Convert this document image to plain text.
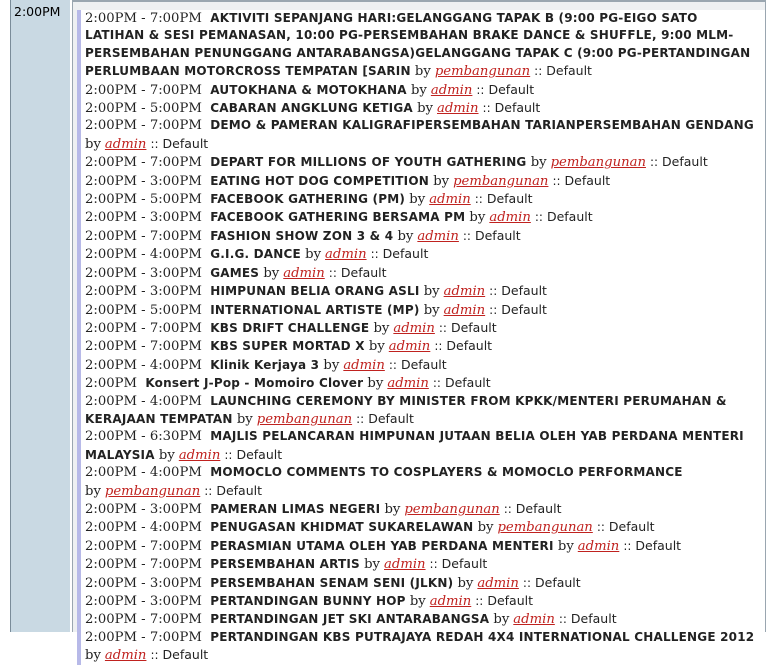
2:00PM 2:00PM - 7:00PM AKTIVITI SEPANJANG HARI:GELANGGANG TAPAK B (9:00 PG-EIGO SATO LATIHAN & SESI PEMANASAN, 10:00 PG-PERSEMBAHAN BRAKE DANCE & SHUFFLE, 9:00 MLM-PERSEMBAHAN PENUNGGANG ANTARABANGSA)GELANGGANG TAPAK C (9:00 PG-PERTANDINGAN PERLUMBAAN MOTORCROSS TEMPATAN [SARIN by pembangunan :: Default
2:00PM - 7:00PM AUTOKHANA & MOTOKHANA by admin :: Default
2:00PM - 5:00PM CABARAN ANGKLUNG KETIGA by admin :: Default
2:00PM - 7:00PM DEMO & PAMERAN KALIGRAFIPERSEMBAHAN TARIANPERSEMBAHAN GENDANG by admin :: Default
2:00PM - 7:00PM DEPART FOR MILLIONS OF YOUTH GATHERING by pembangunan :: Default
2:00PM - 3:00PM EATING HOT DOG COMPETITION by pembangunan :: Default
2:00PM - 5:00PM FACEBOOK GATHERING (PM) by admin :: Default
2:00PM - 3:00PM FACEBOOK GATHERING BERSAMA PM by admin :: Default
2:00PM - 7:00PM FASHION SHOW ZON 3 & 4 by admin :: Default
2:00PM - 4:00PM G.I.G. DANCE by admin :: Default
2:00PM - 3:00PM GAMES by admin :: Default
2:00PM - 3:00PM HIMPUNAN BELIA ORANG ASLI by admin :: Default
2:00PM - 5:00PM INTERNATIONAL ARTISTE (MP) by admin :: Default
2:00PM - 7:00PM KBS DRIFT CHALLENGE by admin :: Default
2:00PM - 7:00PM KBS SUPER MORTAD X by admin :: Default
2:00PM - 4:00PM Klinik Kerjaya 3 by admin :: Default
2:00PM Konsert J-Pop - Momoiro Clover by admin :: Default
2:00PM - 4:00PM LAUNCHING CEREMONY BY MINISTER FROM KPKK/MENTERI PERUMAHAN & KERAJAAN TEMPATAN by pembangunan :: Default
2:00PM - 6:30PM MAJLIS PELANCARAN HIMPUNAN JUTAAN BELIA OLEH YAB PERDANA MENTERI MALAYSIA by admin :: Default
2:00PM - 4:00PM MOMOCLO COMMENTS TO COSPLAYERS & MOMOCLO PERFORMANCE by pembangunan :: Default
2:00PM - 3:00PM PAMERAN LIMAS NEGERI by pembangunan :: Default
2:00PM - 4:00PM PENUGASAN KHIDMAT SUKARELAWAN by pembangunan :: Default
2:00PM - 7:00PM PERASMIAN UTAMA OLEH YAB PERDANA MENTERI by admin :: Default
2:00PM - 7:00PM PERSEMBAHAN ARTIS by admin :: Default
2:00PM - 3:00PM PERSEMBAHAN SENAM SENI (JLKN) by admin :: Default
2:00PM - 3:00PM PERTANDINGAN BUNNY HOP by admin :: Default
2:00PM - 7:00PM PERTANDINGAN JET SKI ANTARABANGSA by admin :: Default
2:00PM - 7:00PM PERTANDINGAN KBS PUTRAJAYA REDAH 4X4 INTERNATIONAL CHALLENGE 2012 by admin :: Default
